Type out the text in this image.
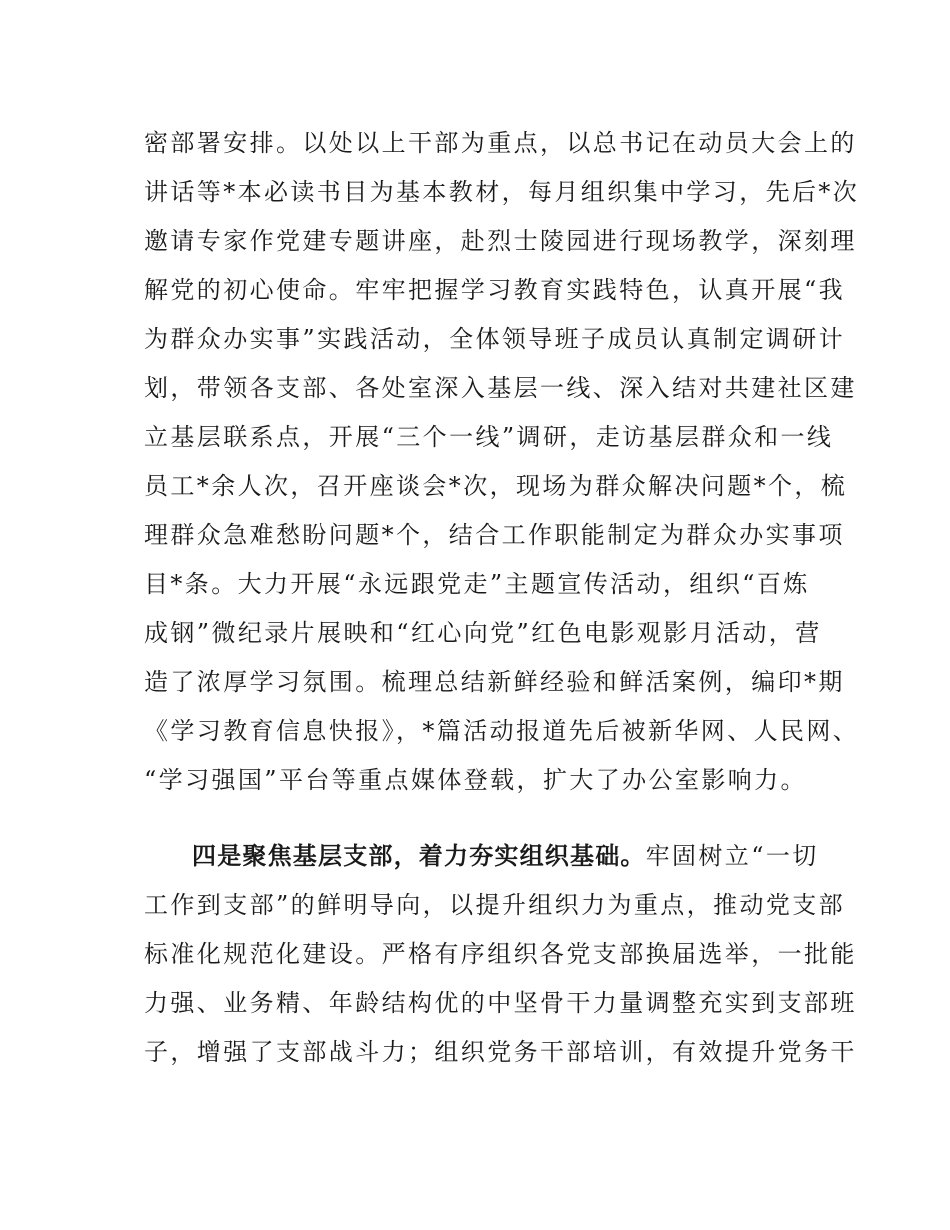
密部署安排。以处以上干部为重点，以总书记在动员大会上的
讲话等*本必读书目为基本教材，每月组织集中学习，先后*次
邀请专家作党建专题讲座，赴烈士陵园进行现场教学，深刻理
解党的初心使命。牢牢把握学习教育实践特色，认真开展“我
为群众办实事”实践活动，全体领导班子成员认真制定调研计
划，带领各支部、各处室深入基层一线、深入结对共建社区建
立基层联系点，开展“三个一线”调研，走访基层群众和一线
员工*余人次，召开座谈会*次，现场为群众解决问题*个，梳
理群众急难愁盼问题*个，结合工作职能制定为群众办实事项
目*条。大力开展“永远跟党走”主题宣传活动，组织“百炼
成钢”微纪录片展映和“红心向党”红色电影观影月活动，营
造了浓厚学习氛围。梳理总结新鲜经验和鲜活案例，编印*期
《学习教育信息快报》，*篇活动报道先后被新华网、人民网、
“学习强国”平台等重点媒体登载，扩大了办公室影响力。
四是聚焦基层支部，着力夯实组织基础。牢固树立“一切
工作到支部”的鲜明导向，以提升组织力为重点，推动党支部
标准化规范化建设。严格有序组织各党支部换届选举，一批能
力强、业务精、年龄结构优的中坚骨干力量调整充实到支部班
子，增强了支部战斗力；组织党务干部培训，有效提升党务干
